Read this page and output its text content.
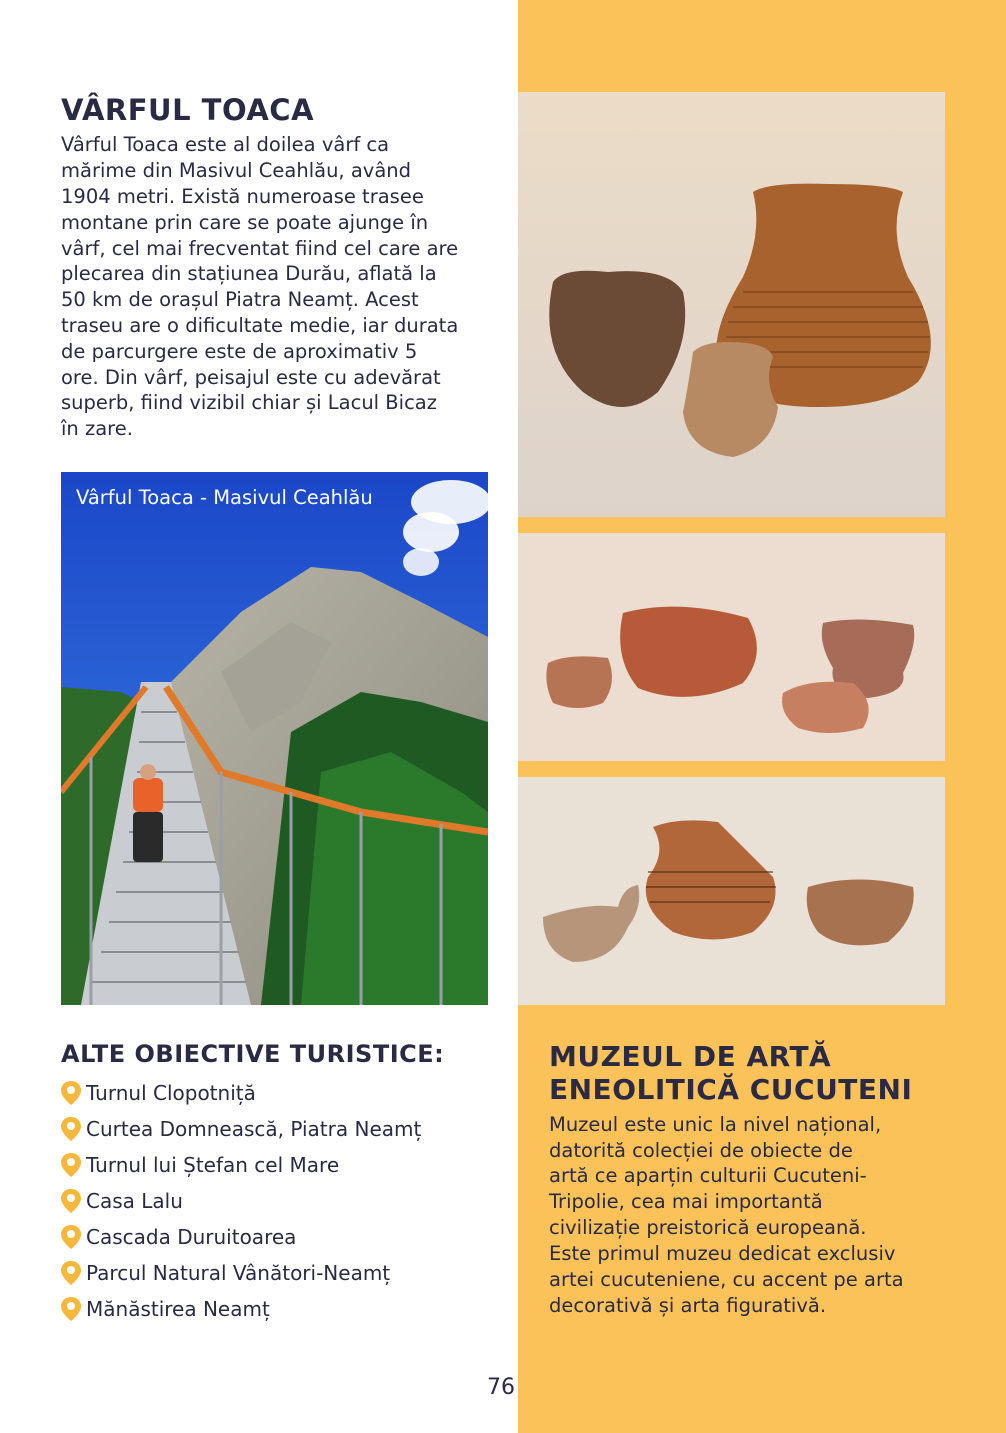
VÂRFUL TOACA

Vârful Toaca este al doilea vârf ca

mărime din Masivul Ceahlău, având

1904 metri. Există numeroase trasee

montane prin care se poate ajunge în

vârf, cel mai frecventat fiind cel care are

plecarea din stațiunea Durău, aflată la

50 km de orașul Piatra Neamț. Acest

traseu are o dificultate medie, iar durata

de parcurgere este de aproximativ 5

ore. Din vârf, peisajul este cu adevărat

superb, fiind vizibil chiar și Lacul Bicaz

în zare.

Vârful Toaca - Masivul Ceahlău
ALTE OBIECTIVE TURISTICE:
Turnul Clopotniță
Curtea Domnească, Piatra Neamț
Turnul lui Ștefan cel Mare
Casa Lalu
Cascada Duruitoarea
Parcul Natural Vânători-Neamț
Mănăstirea Neamț
MUZEUL DE ARTĂ
ENEOLITICĂ CUCUTENI

Muzeul este unic la nivel național,

datorită colecției de obiecte de

artă ce aparțin culturii Cucuteni-

Tripolie, cea mai importantă

civilizație preistorică europeană.

Este primul muzeu dedicat exclusiv

artei cucuteniene, cu accent pe arta

decorativă și arta figurativă.

76
